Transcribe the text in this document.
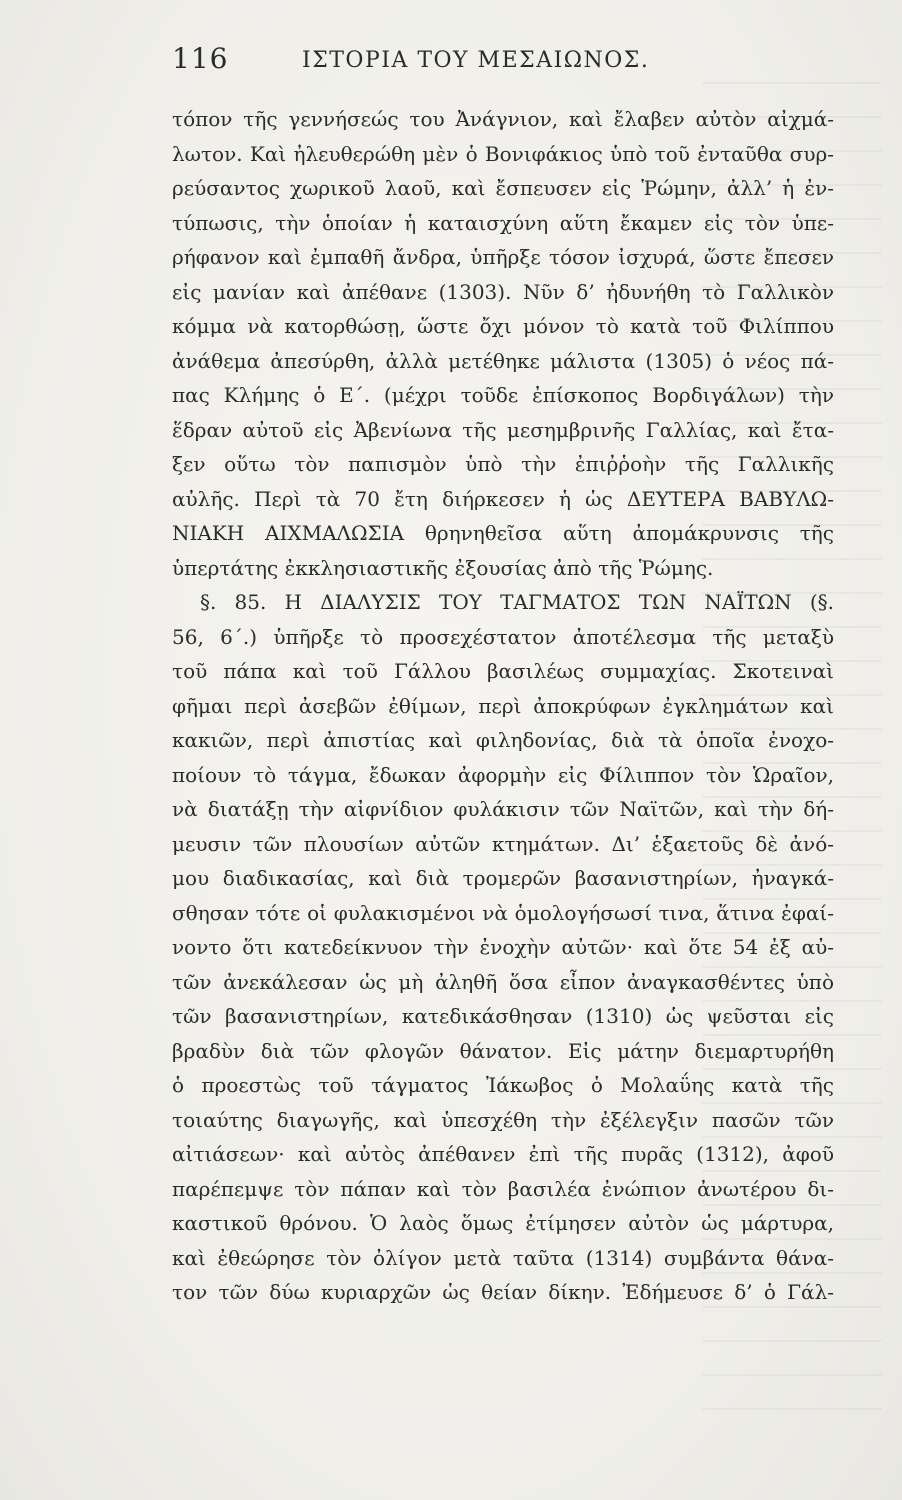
116	ΙΣΤΟΡΙΑ ΤΟΥ ΜΕΣΑΙΩΝΟΣ.
τόπον τῆς γεννήσεώς του Ἀνάγνιον, καὶ ἔλαβεν αὐτὸν αἰχμά-
λωτον. Καὶ ἠλευθερώθη μὲν ὁ Βονιφάκιος ὑπὸ τοῦ ἐνταῦθα συρ-
ρεύσαντος χωρικοῦ λαοῦ, καὶ ἔσπευσεν εἰς Ῥώμην, ἀλλ’ ἡ ἐν-
τύπωσις, τὴν ὁποίαν ἡ καταισχύνη αὕτη ἔκαμεν εἰς τὸν ὑπε-
ρήφανον καὶ ἐμπαθῆ ἄνδρα, ὑπῆρξε τόσον ἰσχυρά, ὥστε ἔπεσεν
εἰς μανίαν καὶ ἀπέθανε (1303). Νῦν δ’ ἠδυνήθη τὸ Γαλλικὸν
κόμμα νὰ κατορθώσῃ, ὥστε ὄχι μόνον τὸ κατὰ τοῦ Φιλίππου
ἀνάθεμα ἀπεσύρθη, ἀλλὰ μετέθηκε μάλιστα (1305) ὁ νέος πά-
πας Κλήμης ὁ Ε΄. (μέχρι τοῦδε ἐπίσκοπος Βορδιγάλων) τὴν
ἕδραν αὐτοῦ εἰς Ἀβενίωνα τῆς μεσημβρινῆς Γαλλίας, καὶ ἔτα-
ξεν οὕτω τὸν παπισμὸν ὑπὸ τὴν ἐπιῤῥοὴν τῆς Γαλλικῆς
αὐλῆς. Περὶ τὰ 70 ἔτη διήρκεσεν ἡ ὡς ΔΕΥΤΕΡΑ ΒΑΒΥΛΩ-
ΝΙΑΚΗ ΑΙΧΜΑΛΩΣΙΑ θρηνηθεῖσα αὕτη ἀπομάκρυνσις τῆς
ὑπερτάτης ἐκκλησιαστικῆς ἐξουσίας ἀπὸ τῆς Ῥώμης.
§. 85. Η ΔΙΑΛΥΣΙΣ ΤΟΥ ΤΑΓΜΑΤΟΣ ΤΩΝ ΝΑΪΤΩΝ (§.
56, 6΄.) ὑπῆρξε τὸ προσεχέστατον ἀποτέλεσμα τῆς μεταξὺ
τοῦ πάπα καὶ τοῦ Γάλλου βασιλέως συμμαχίας. Σκοτειναὶ
φῆμαι περὶ ἀσεβῶν ἐθίμων, περὶ ἀποκρύφων ἐγκλημάτων καὶ
κακιῶν, περὶ ἀπιστίας καὶ φιληδονίας, διὰ τὰ ὁποῖα ἐνοχο-
ποίουν τὸ τάγμα, ἔδωκαν ἀφορμὴν εἰς Φίλιππον τὸν Ὡραῖον,
νὰ διατάξῃ τὴν αἰφνίδιον φυλάκισιν τῶν Ναϊτῶν, καὶ τὴν δή-
μευσιν τῶν πλουσίων αὐτῶν κτημάτων. Δι’ ἑξαετοῦς δὲ ἀνό-
μου διαδικασίας, καὶ διὰ τρομερῶν βασανιστηρίων, ἠναγκά-
σθησαν τότε οἱ φυλακισμένοι νὰ ὁμολογήσωσί τινα, ἅτινα ἐφαί-
νοντο ὅτι κατεδείκνυον τὴν ἐνοχὴν αὐτῶν· καὶ ὅτε 54 ἐξ αὐ-
τῶν ἀνεκάλεσαν ὡς μὴ ἀληθῆ ὅσα εἶπον ἀναγκασθέντες ὑπὸ
τῶν βασανιστηρίων, κατεδικάσθησαν (1310) ὡς ψεῦσται εἰς
βραδὺν διὰ τῶν φλογῶν θάνατον. Εἰς μάτην διεμαρτυρήθη
ὁ προεστὼς τοῦ τάγματος Ἰάκωβος ὁ Μολαΰης κατὰ τῆς
τοιαύτης διαγωγῆς, καὶ ὑπεσχέθη τὴν ἐξέλεγξιν πασῶν τῶν
αἰτιάσεων· καὶ αὐτὸς ἀπέθανεν ἐπὶ τῆς πυρᾶς (1312), ἀφοῦ
παρέπεμψε τὸν πάπαν καὶ τὸν βασιλέα ἐνώπιον ἀνωτέρου δι-
καστικοῦ θρόνου. Ὁ λαὸς ὅμως ἐτίμησεν αὐτὸν ὡς μάρτυρα,
καὶ ἐθεώρησε τὸν ὀλίγον μετὰ ταῦτα (1314) συμβάντα θάνα-
τον τῶν δύω κυριαρχῶν ὡς θείαν δίκην. Ἐδήμευσε δ’ ὁ Γάλ-
